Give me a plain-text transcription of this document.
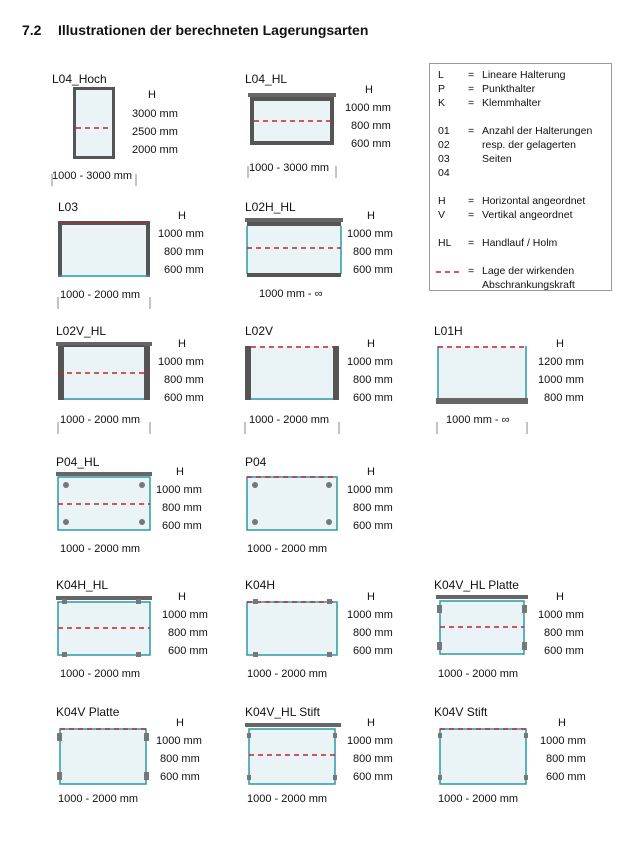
7.2 Illustrationen der berechneten Lagerungsarten
L	= Lineare Halterung
P	= Punkthalter
K	= Klemmhalter
01	= Anzahl der Halterungen
02	resp. der gelagerten
03	Seiten
04
H	= Horizontal angeordnet
V	= Vertikal angeordnet
HL	= Handlauf / Holm
= Lage der wirkenden
Abschrankungskraft
L04_Hoch
H
3000 mm
2500 mm
2000 mm
1000 - 3000 mm
L04_HL
H
1000 mm
800 mm
600 mm
1000 - 3000 mm
L03
H
1000 mm
800 mm
600 mm
1000 - 2000 mm
L02H_HL
H
1000 mm
800 mm
600 mm
1000 mm - ∞
L02V_HL
H
1000 mm
800 mm
600 mm
1000 - 2000 mm
L02V
H
1000 mm
800 mm
600 mm
1000 - 2000 mm
L01H
H
1200 mm
1000 mm
800 mm
1000 mm - ∞
P04_HL
H
1000 mm
800 mm
600 mm
1000 - 2000 mm
P04
H
1000 mm
800 mm
600 mm
1000 - 2000 mm
K04H_HL
H
1000 mm
800 mm
600 mm
1000 - 2000 mm
K04H
H
1000 mm
800 mm
600 mm
1000 - 2000 mm
K04V_HL Platte
H
1000 mm
800 mm
600 mm
1000 - 2000 mm
K04V Platte
H
1000 mm
800 mm
600 mm
1000 - 2000 mm
K04V_HL Stift
H
1000 mm
800 mm
600 mm
1000 - 2000 mm
K04V Stift
H
1000 mm
800 mm
600 mm
1000 - 2000 mm
